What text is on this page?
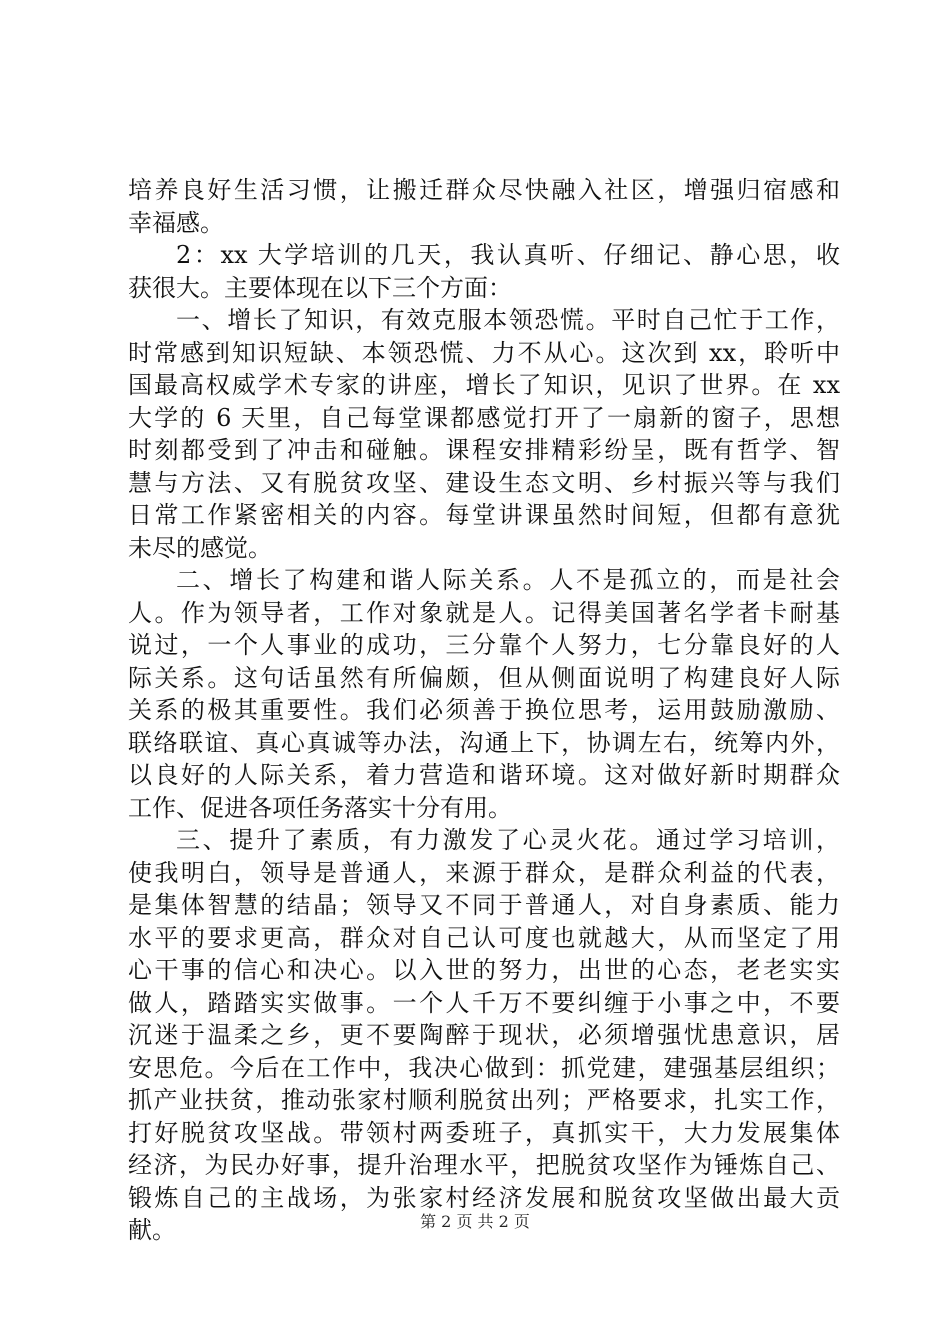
培养良好生活习惯，让搬迁群众尽快融入社区，增强归宿感和
幸福感。
2：xx 大学培训的几天，我认真听、仔细记、静心思，收
获很大。主要体现在以下三个方面：
一、增长了知识，有效克服本领恐慌。平时自己忙于工作，
时常感到知识短缺、本领恐慌、力不从心。这次到 xx，聆听中
国最高权威学术专家的讲座，增长了知识，见识了世界。在 xx
大学的 6 天里，自己每堂课都感觉打开了一扇新的窗子，思想
时刻都受到了冲击和碰触。课程安排精彩纷呈，既有哲学、智
慧与方法、又有脱贫攻坚、建设生态文明、乡村振兴等与我们
日常工作紧密相关的内容。每堂讲课虽然时间短，但都有意犹
未尽的感觉。
二、增长了构建和谐人际关系。人不是孤立的，而是社会
人。作为领导者，工作对象就是人。记得美国著名学者卡耐基
说过，一个人事业的成功，三分靠个人努力，七分靠良好的人
际关系。这句话虽然有所偏颇，但从侧面说明了构建良好人际
关系的极其重要性。我们必须善于换位思考，运用鼓励激励、
联络联谊、真心真诚等办法，沟通上下，协调左右，统筹内外，
以良好的人际关系，着力营造和谐环境。这对做好新时期群众
工作、促进各项任务落实十分有用。
三、提升了素质，有力激发了心灵火花。通过学习培训，
使我明白，领导是普通人，来源于群众，是群众利益的代表，
是集体智慧的结晶；领导又不同于普通人，对自身素质、能力
水平的要求更高，群众对自己认可度也就越大，从而坚定了用
心干事的信心和决心。以入世的努力，出世的心态，老老实实
做人，踏踏实实做事。一个人千万不要纠缠于小事之中，不要
沉迷于温柔之乡，更不要陶醉于现状，必须增强忧患意识，居
安思危。今后在工作中，我决心做到：抓党建，建强基层组织；
抓产业扶贫，推动张家村顺利脱贫出列；严格要求，扎实工作，
打好脱贫攻坚战。带领村两委班子，真抓实干，大力发展集体
经济，为民办好事，提升治理水平，把脱贫攻坚作为锤炼自己、
锻炼自己的主战场，为张家村经济发展和脱贫攻坚做出最大贡
献。	第 2 页 共 2 页
